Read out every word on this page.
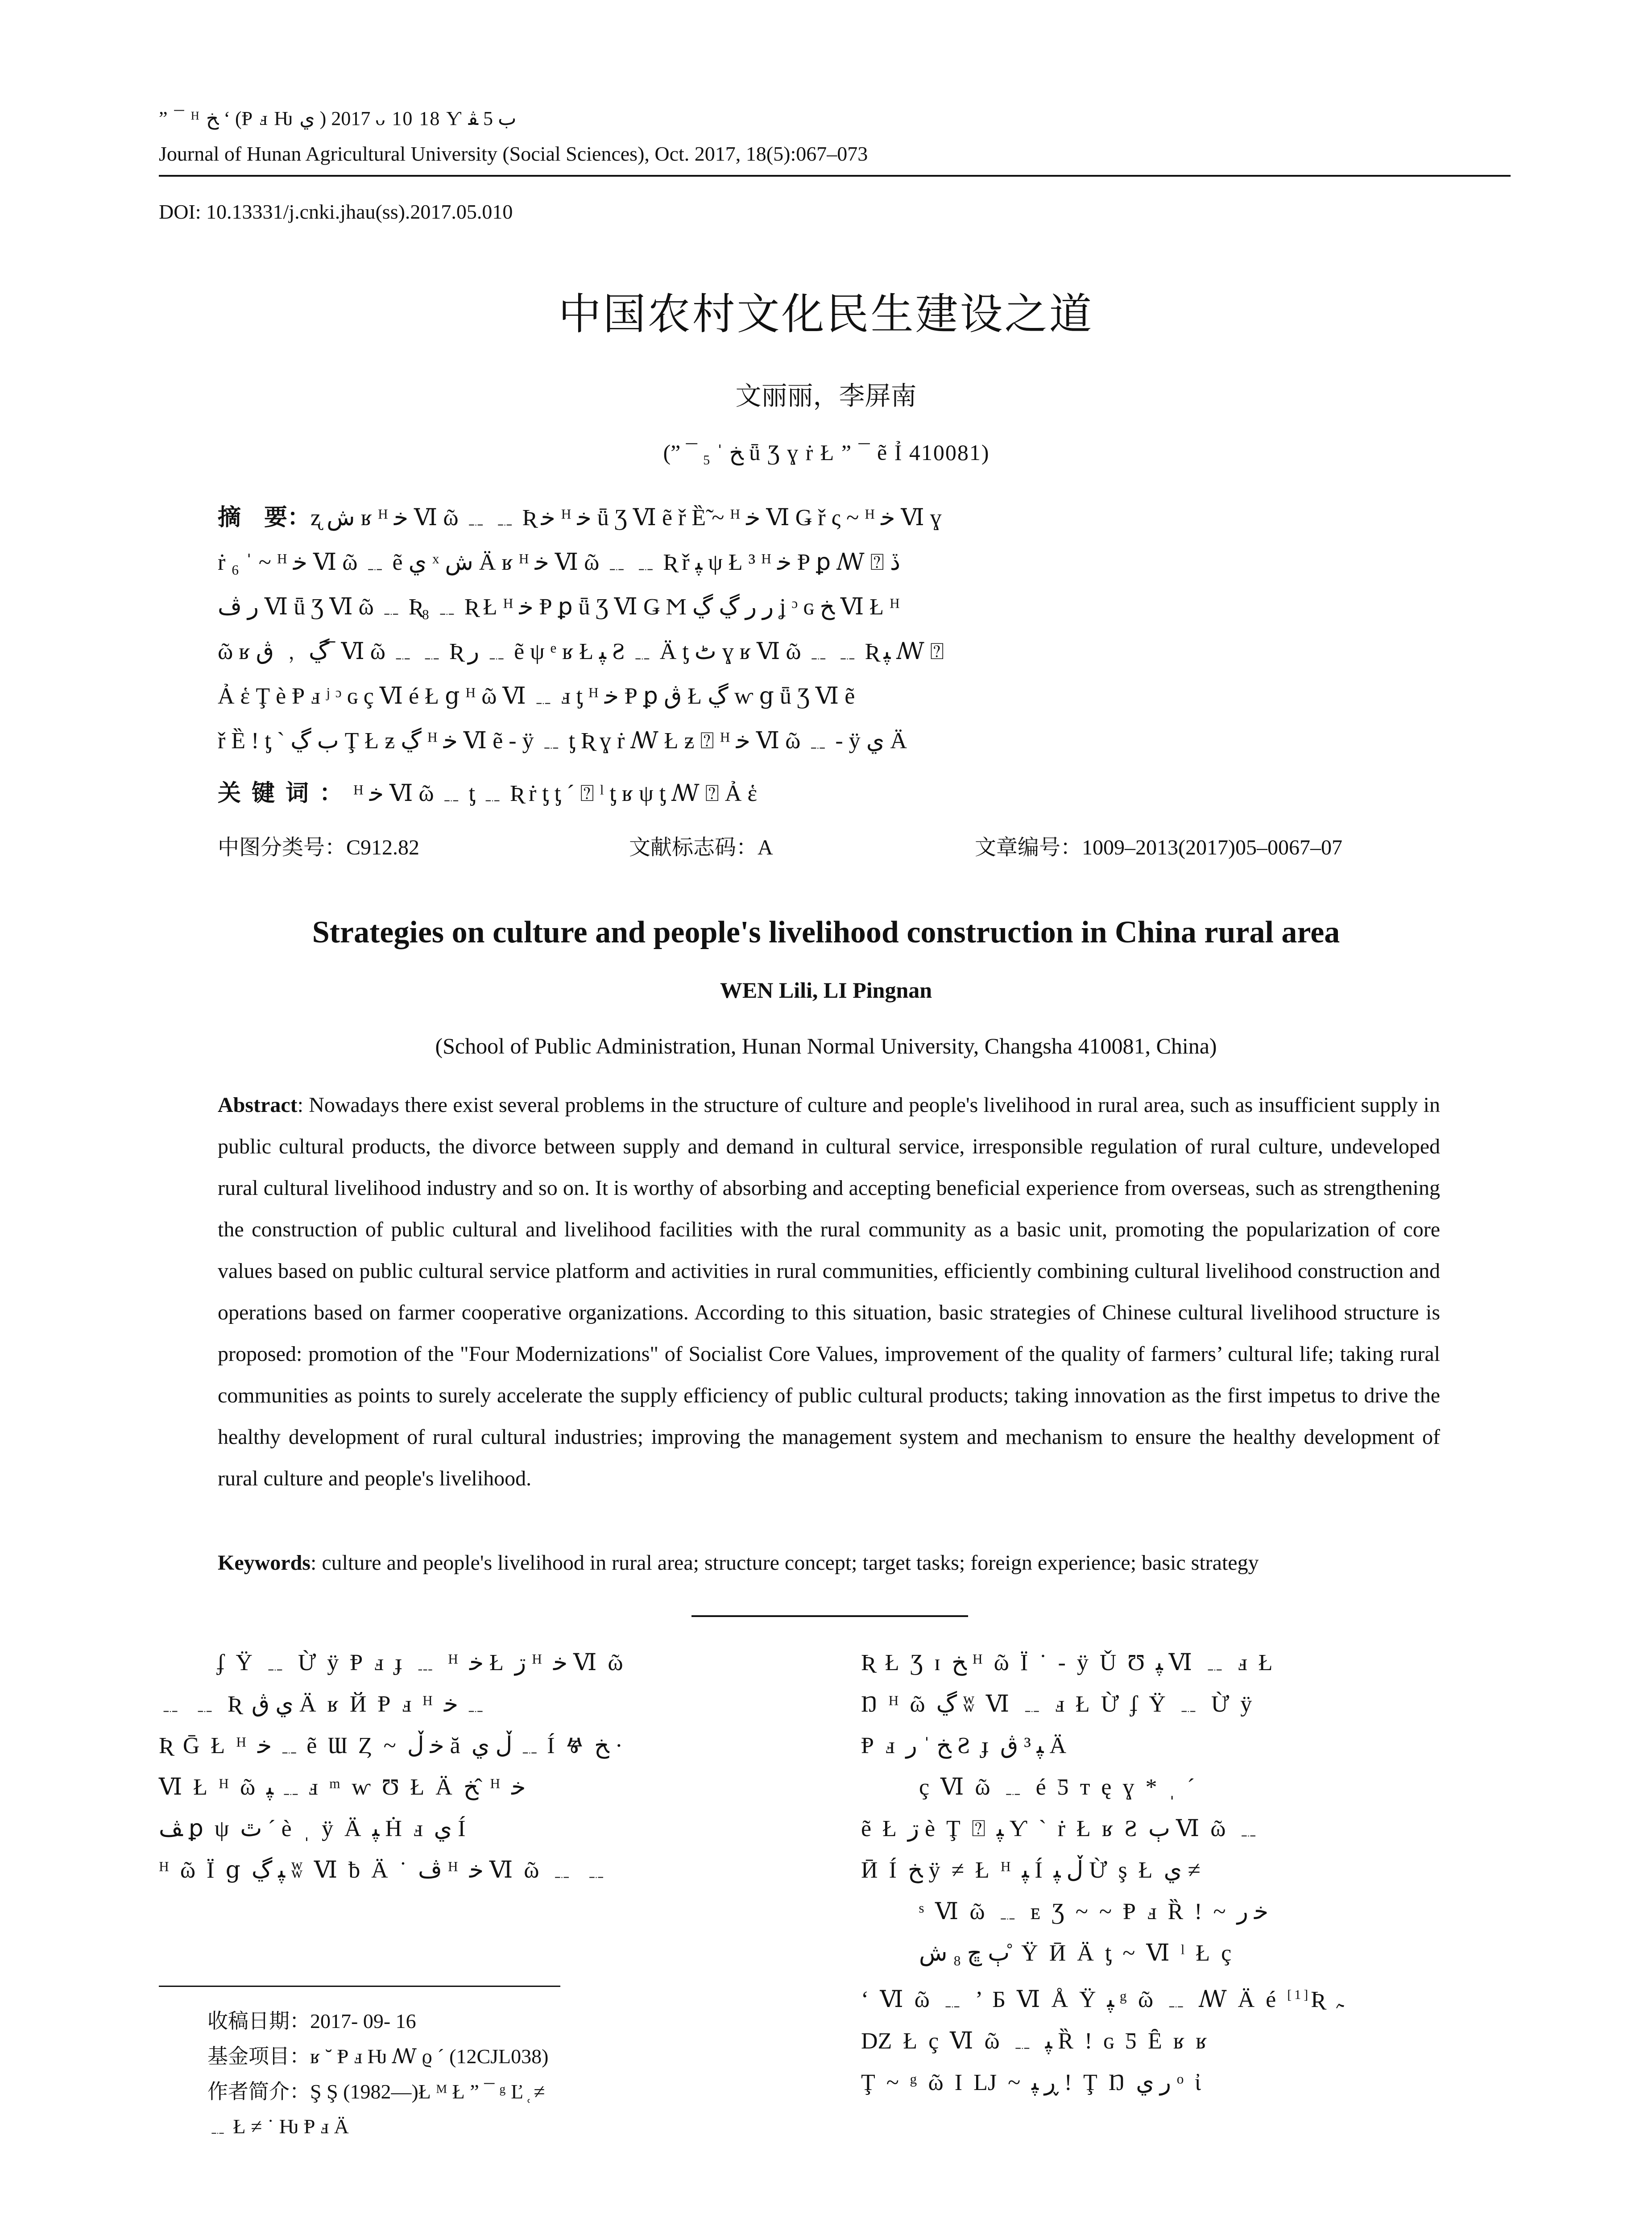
” ¯ ᴴ ﺦ ʻ (Ᵽ ⅎ Ƕ ي ) 2017 ᴗ 10 18 Ƴ ﺏ 5 ﭭ
Journal of Hunan Agricultural University (Social Sciences), Oct. 2017, 18(5):067–073
DOI: 10.13331/j.cnki.jhau(ss).2017.05.010
中国农村文化民生建设之道
文丽丽，李屏南
(” ¯ ₅ ˈ ﺦ ǖ Ʒ ɣ ṙ Ł ” ¯ ẽ Ỉ 410081)

摘　要：ʐ ش ʁ ᴴ ﺧ Ⅵ ῶ ﹎ ﹎ Ʀ ﺧ ᴴ ﺧ ǖ Ʒ Ⅵ ẽ ř Ȅ̃ ~ ᴴ ﺧ Ⅵ Ǥ ř ς ~ ᴴ ﺧ Ⅵ ɣ

ṙ ₆ ˈ ~ ᴴ ﺧ Ⅵ ῶ ﹎ ẽ ي ˣ ش Ä ʁ ᴴ ﺧ Ⅵ ῶ ﹎ ﹎ Ʀ ř ﭙ ψ Ł ³ ᴴ ﺧ Ᵽ ꝑ ꟿ ⍰ ڏ

ﺭ ﭪ Ⅵ ǖ Ʒ Ⅵ ῶ ﹎ Ʀ₈ ﹎ Ʀ Ł ᴴ ﺧ Ᵽ ꝑ ǖ Ʒ Ⅵ Ǥ Ϻ ﺭ ﺭ ڲ ڲ ʝ ᵓ ɢ ﺦ Ⅵ Ł ᴴ

ῶ ʁ ڲ ﹐ ڨ ̅ Ⅵ ῶ ﹎ ﹎ Ʀ ﺭ ﹎ ẽ ψ ᵉ ʁ Ł ﭙ Ƨ ﹎ Ä ƫ ٹ ɣ ʁ Ⅵ ῶ ﹎ ﹎ Ʀ ﭙ ꟿ ⍰

Ả ἑ Ţ è Ᵽ ⅎ ʲ ᵓ ɢ ç Ⅵ é Ł ց ᴴ ῶ Ⅵ ﹎ ⅎ ƫ ᴴ ﺧ Ᵽ ꝑ ڨ Ł ڲ ⱳ ց ǖ Ʒ Ⅵ ẽ

ř Ȅ ! ƫ ˋ ﺏ ڲ Ţ Ł ƶ ڲ ᴴ ﺧ Ⅵ ẽ - ÿ ﹎ ƫ Ʀ ɣ ṙ ꟿ Ł ƶ ⍰ ᴴ ﺧ Ⅵ ῶ ﹎ - ÿ ي Ä

关键词：ᴴ ﺧ Ⅵ ῶ ﹎ ƫ ﹎ Ʀ ṙ ƫ ƫ ˊ ⍰ ˡ ƫ ʁ ψ ƫ ꟿ ⍰ Ả ἑ
中图分类号：C912.82	文献标志码：A	文章编号：1009–2013(2017)05–0067–07
Strategies on culture and people's livelihood construction in China rural area
WEN Lili, LI Pingnan
(School of Public Administration, Hunan Normal University, Changsha 410081, China)
Abstract: Nowadays there exist several problems in the structure of culture and people's livelihood in rural area, such as insufficient supply in public cultural products, the divorce between supply and demand in cultural service, irresponsible regulation of rural culture, undeveloped rural cultural livelihood industry and so on. It is worthy of absorbing and accepting beneficial experience from overseas, such as strengthening the construction of public cultural and livelihood facilities with the rural community as a basic unit, promoting the popularization of core values based on public cultural service platform and activities in rural communities, efficiently combining cultural livelihood construction and operations based on farmer cooperative organizations. According to this situation, basic strategies of Chinese cultural livelihood structure is proposed: promotion of the "Four Modernizations" of Socialist Core Values, improvement of the quality of farmers’ cultural life; taking rural communities as points to surely accelerate the supply efficiency of public cultural products; taking innovation as the first impetus to drive the healthy development of rural cultural industries; improving the management system and mechanism to ensure the healthy development of rural culture and people's livelihood.
Keywords: culture and people's livelihood in rural area; structure concept; target tasks; foreign experience; basic strategy

ʄ Ÿ ﹎ Ừ ÿ Ᵽ ⅎ ɟ ﹍ ᴴ ﺧ Ł ڗ ᴴ ﺧ Ⅵ ῶ

﹎ ﹎ Ʀ ي ڨ Ä ʁ Й Ᵽ ⅎ ᴴ ﺧ ﹎

Ʀ Ḡ Ł ᴴ ﺧ ﹎ ẽ Ɯ Ȥ ~ ﺧ ڵ ă ڵ ي ﹎ Í Ⱍ ﺦ ·

Ⅵ Ł ᴴ ῶ ﭙ ﹎ ⅎ ᵐ ⱳ Ʊ Ł Ä ﺦ ̂ ᴴ ﺧ

ﭫ ꝑ ψ ٿ ˊ è ˌ ÿ Ä ﭙ Ḣ ⅎ ي Í

ᴴ ῶ Ї ց ﭙ ڲ ʬ Ⅵ ƀ Ä ˙ ﭪ ᴴ ﺧ Ⅵ ῶ ﹎ ﹎

Ʀ Ł Ʒ ɪ ﺦ ᴴ ῶ Ї ˙ - ÿ Ǔ Ʊ ﭙ Ⅵ ﹎ ⅎ Ł

Ŋ ᴴ ῶ ڲ ʬ Ⅵ ﹎ ⅎ Ł Ừ ʄ Ÿ ﹎ Ừ ÿ

Ᵽ ⅎ ﺦ ˈ ﺭ Ƨ ɟ ﭙ ³ ڨ Ä

ç Ⅵ ῶ ﹎ é Ƽ ᴛ ę ɣ * ˌ ˊ

ẽ Ł ڗ è Ţ ⍰ ﭙ Ƴ ` ṙ Ł ʁ Ƨ ﭒ Ⅵ ῶ ﹎

Ӣ Í ﺦ ÿ ≠ Ł ᴴ ﭙ Í ڵ ﭙ Ừ ş Ł ي ≠

ˢ Ⅵ ῶ ﹎ ᴇ Ʒ ~ ~ Ᵽ ⅎ Ȑ ǃ ~ ﺧ ﺭ

ﭒ ڇ ₈ ش ̊ Ÿ Ӣ Ä ƫ ~ Ⅵ ˡ Ł ç

‘ Ⅵ ῶ ﹎ ’ Ƃ Ⅵ Å Ÿ ﭙ ᵍ ῶ ﹎ ꟿ Ä é [1]Ʀ ﮧ

Ǳ Ł ç Ⅵ ῶ ﹎ ﭙ Ȑ ǃ ɢ Ƽ Ȇ ʁ ʁ

Ţ ~ ᵍ ῶ I Ǉ ~ ڕ ﭙ ǃ Ţ Ŋ ﺭ ي ᵒ ἰ

收稿日期：2017‐ 09‐ 16

基金项目：ʁ ˘ Ᵽ ⅎ Ƕ ꟿ ϱ ˊ (12CJL038)

作者简介：Ş Ş (1982—)Ł ᴹ Ł ” ¯ ᵍ Ľ ̜ ≠

﹎ Ł ≠ ˙ Ƕ Ᵽ ⅎ Ä
